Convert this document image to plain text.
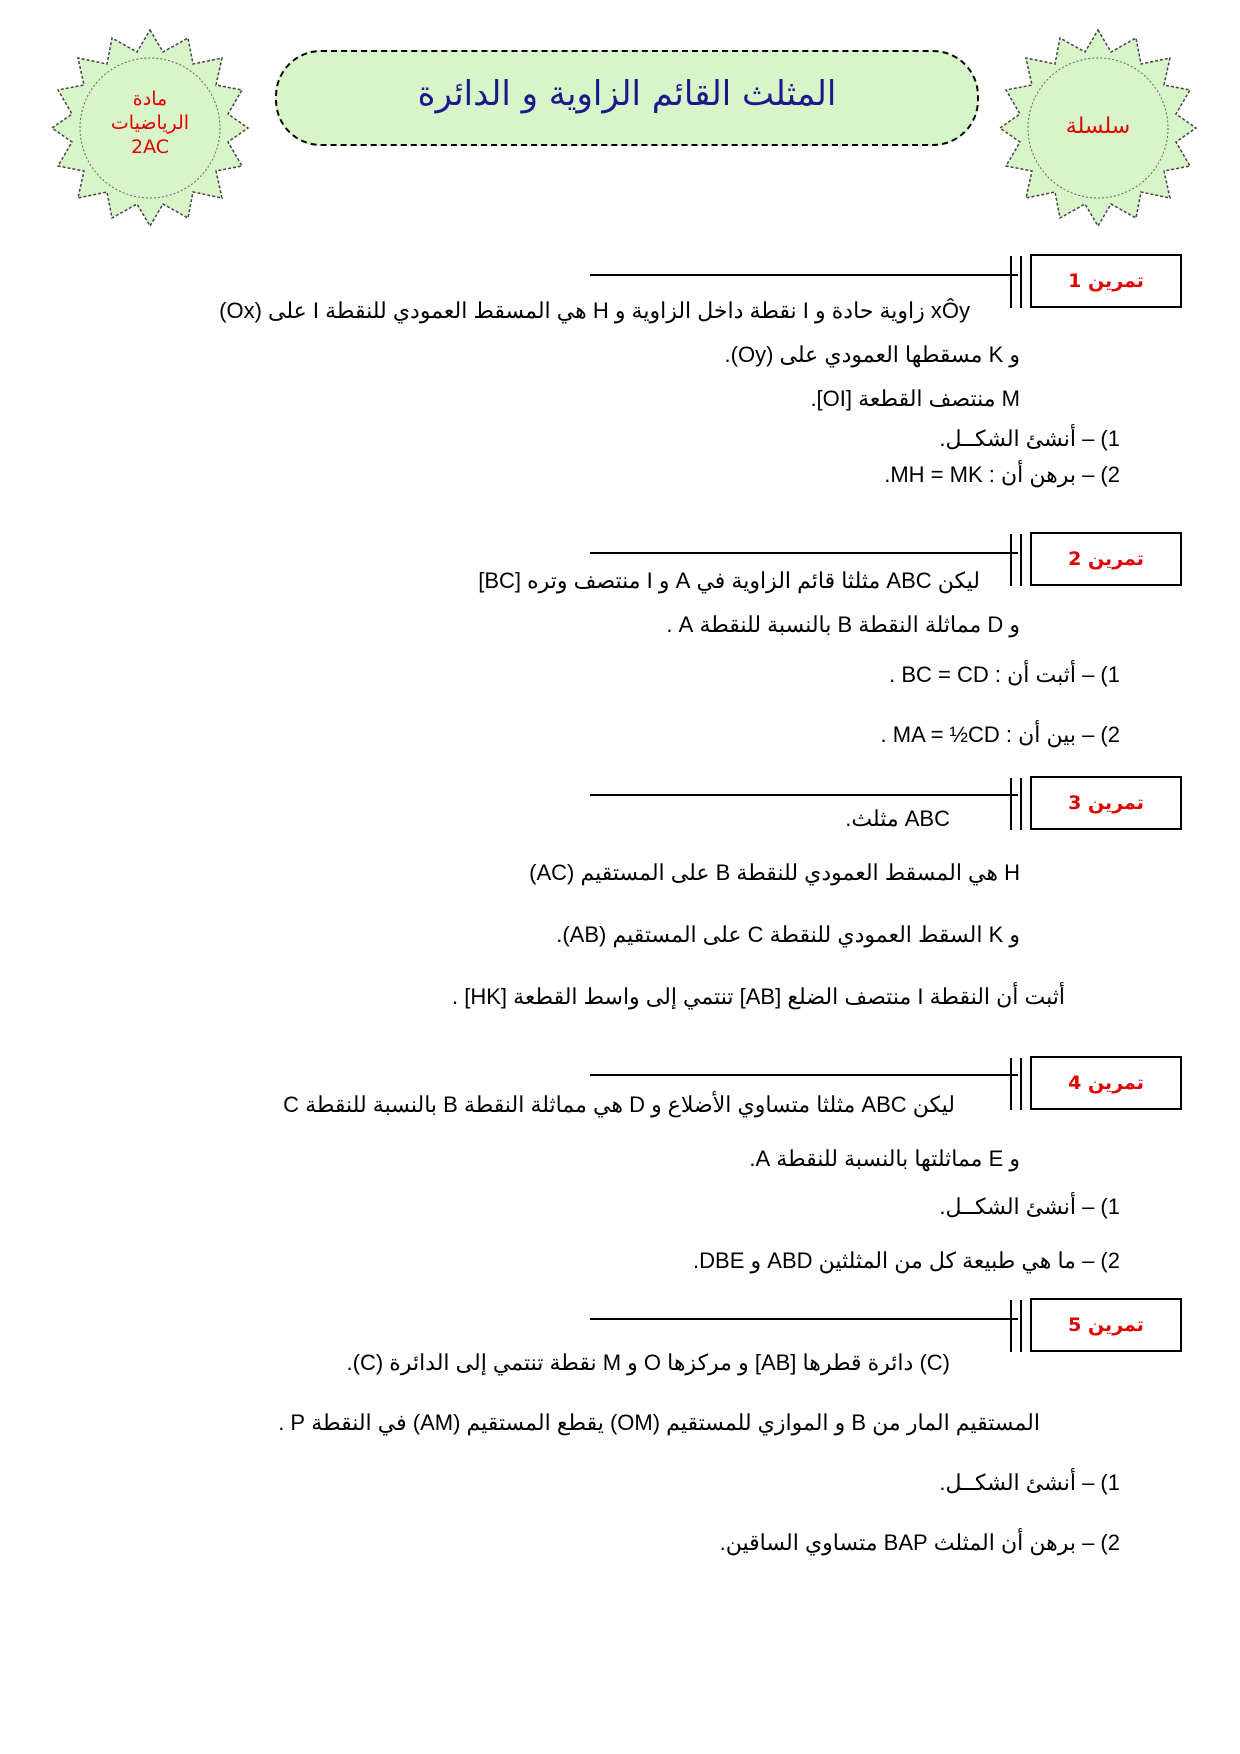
مادة
الرياضيات
2AC
المثلث القائم الزاوية و الدائرة
سلسلة
تمرين 1
xÔy زاوية حادة و I نقطة داخل الزاوية و H هي المسقط العمودي للنقطة I على (Ox)
و K مسقطها العمودي على (Oy).
M منتصف القطعة [OI].
1) – أنشئ الشكــل.
2) – برهن أن : MH = MK.
تمرين 2
ليكن ABC مثلثا قائم الزاوية في A و I منتصف وتره [BC]
و D مماثلة النقطة B بالنسبة للنقطة A .
1) – أثبت أن : BC = CD .
2) – بين أن : MA = ½CD .
تمرين 3
ABC مثلث.
H هي المسقط العمودي للنقطة B على المستقيم (AC)
و K السقط العمودي للنقطة C على المستقيم (AB).
أثبت أن النقطة I منتصف الضلع [AB] تنتمي إلى واسط القطعة [HK] .
تمرين 4
ليكن ABC مثلثا متساوي الأضلاع و D هي مماثلة النقطة B بالنسبة للنقطة C
و E مماثلتها بالنسبة للنقطة A.
1) – أنشئ الشكــل.
2) – ما هي طبيعة كل من المثلثين ABD و DBE.
تمرين 5
(C) دائرة قطرها [AB] و مركزها O و M نقطة تنتمي إلى الدائرة (C).
المستقيم المار من B و الموازي للمستقيم (OM) يقطع المستقيم (AM) في النقطة P .
1) – أنشئ الشكــل.
2) – برهن أن المثلث BAP متساوي الساقين.
